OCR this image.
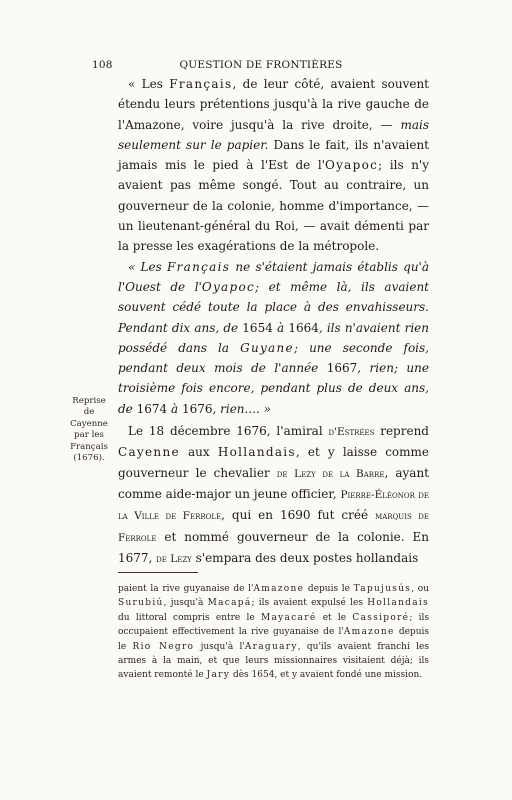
108	QUESTION DE FRONTIÈRES

« Les Français, de leur côté, avaient souvent étendu leurs prétentions jusqu'à la rive gauche de l'Amazone, voire jusqu'à la rive droite, — mais seulement sur le papier. Dans le fait, ils n'avaient jamais mis le pied à l'Est de l'Oyapoc; ils n'y avaient pas même songé. Tout au contraire, un gouverneur de la colonie, homme d'importance, — un lieutenant-général du Roi, — avait démenti par la presse les exagérations de la métropole.

« Les Français ne s'étaient jamais établis qu'à l'Ouest de l'Oyapoc; et même là, ils avaient souvent cédé toute la place à des envahisseurs. Pendant dix ans, de 1654 à 1664, ils n'avaient rien possédé dans la Guyane; une seconde fois, pendant deux mois de l'année 1667, rien; une troisième fois encore, pendant plus de deux ans, de 1674 à 1676, rien.... »

Le 18 décembre 1676, l'amiral d'Estrées reprend Cayenne aux Hollandais, et y laisse comme gouverneur le chevalier de Lezy de la Barre, ayant comme aide-major un jeune officier, Pierre-Éléonor de la Ville de Ferrole, qui en 1690 fut créé marquis de Ferrole et nommé gouverneur de la colonie. En 1677, de Lezy s'empara des deux postes hollandais

Reprise
de Cayenne
par les Français
(1676).

paient la rive guyanaise de l'Amazone depuis le Tapujusús, ou Surubiú, jusqu'à Macapá; ils avaient expulsé les Hollandais du littoral compris entre le Mayacaré et le Cassiporé; ils occupaient effectivement la rive guyanaise de l'Amazone depuis le Rio Negro jusqu'à l'Araguary, qu'ils avaient franchi les armes à la main, et que leurs missionnaires visitaient déjà; ils avaient remonté le Jary dès 1654, et y avaient fondé une mission.
